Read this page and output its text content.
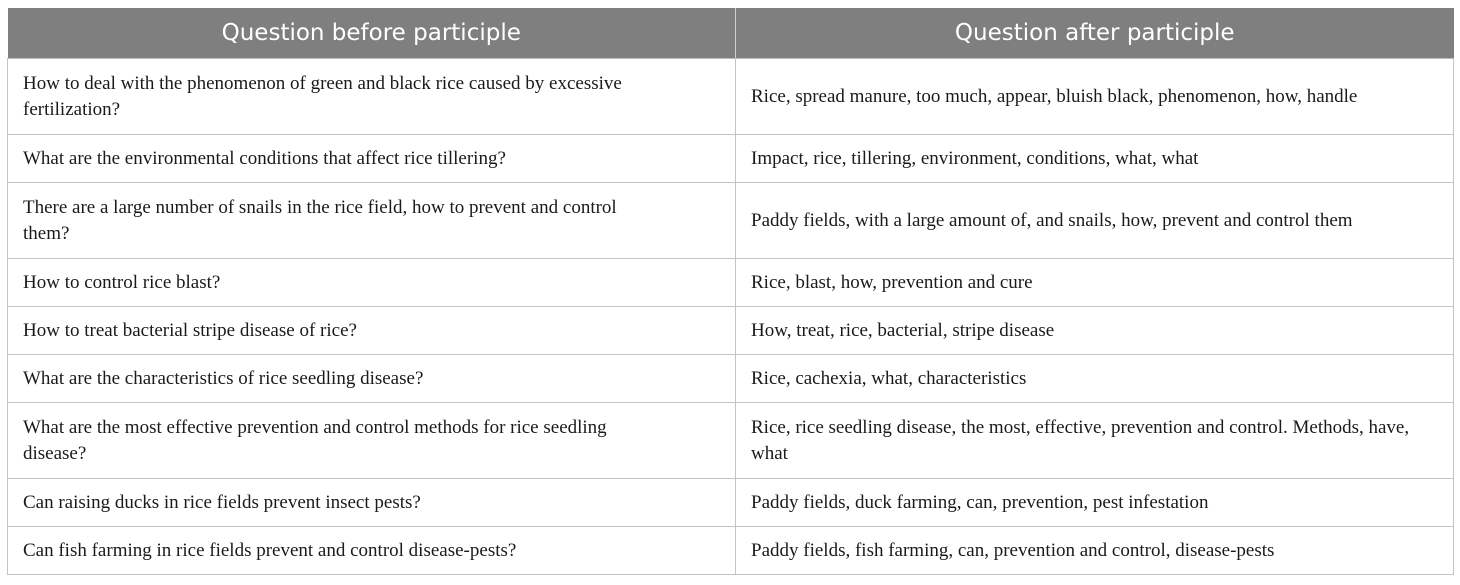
Question before participle	Question after participle
How to deal with the phenomenon of green and black rice caused by excessive fertilization?	Rice, spread manure, too much, appear, bluish black, phenomenon, how, handle
What are the environmental conditions that affect rice tillering?	Impact, rice, tillering, environment, conditions, what, what
There are a large number of snails in the rice field, how to prevent and control them?	Paddy fields, with a large amount of, and snails, how, prevent and control them
How to control rice blast?	Rice, blast, how, prevention and cure
How to treat bacterial stripe disease of rice?	How, treat, rice, bacterial, stripe disease
What are the characteristics of rice seedling disease?	Rice, cachexia, what, characteristics
What are the most effective prevention and control methods for rice seedling disease?	Rice, rice seedling disease, the most, effective, prevention and control. Methods, have, what
Can raising ducks in rice fields prevent insect pests?	Paddy fields, duck farming, can, prevention, pest infestation
Can fish farming in rice fields prevent and control disease-pests?	Paddy fields, fish farming, can, prevention and control, disease-pests
